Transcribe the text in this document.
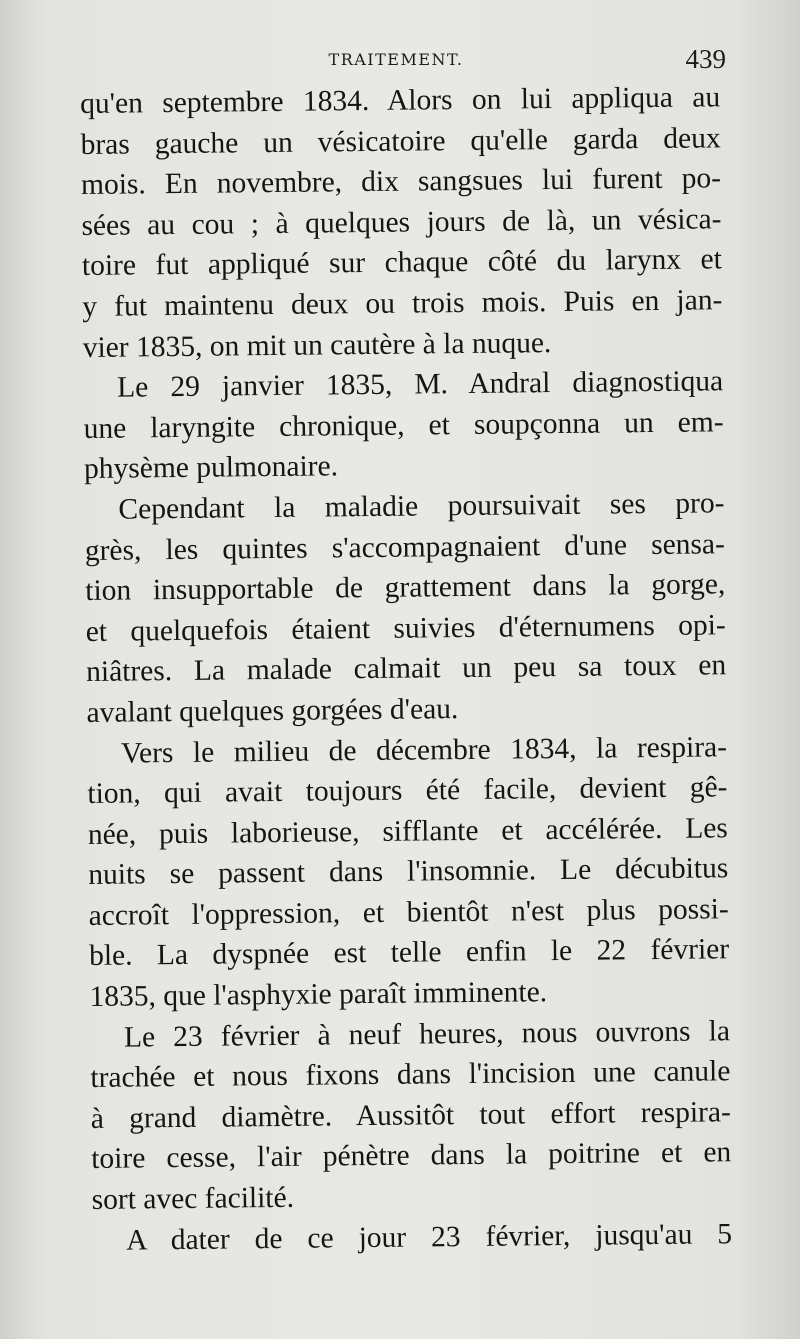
TRAITEMENT.	439
qu'en septembre 1834. Alors on lui appliqua au
bras gauche un vésicatoire qu'elle garda deux
mois. En novembre, dix sangsues lui furent po-
sées au cou ; à quelques jours de là, un vésica-
toire fut appliqué sur chaque côté du larynx et
y fut maintenu deux ou trois mois. Puis en jan-
vier 1835, on mit un cautère à la nuque.
Le 29 janvier 1835, M. Andral diagnostiqua
une laryngite chronique, et soupçonna un em-
physème pulmonaire.
Cependant la maladie poursuivait ses pro-
grès, les quintes s'accompagnaient d'une sensa-
tion insupportable de grattement dans la gorge,
et quelquefois étaient suivies d'éternumens opi-
niâtres. La malade calmait un peu sa toux en
avalant quelques gorgées d'eau.
Vers le milieu de décembre 1834, la respira-
tion, qui avait toujours été facile, devient gê-
née, puis laborieuse, sifflante et accélérée. Les
nuits se passent dans l'insomnie. Le décubitus
accroît l'oppression, et bientôt n'est plus possi-
ble. La dyspnée est telle enfin le 22 février
1835, que l'asphyxie paraît imminente.
Le 23 février à neuf heures, nous ouvrons la
trachée et nous fixons dans l'incision une canule
à grand diamètre. Aussitôt tout effort respira-
toire cesse, l'air pénètre dans la poitrine et en
sort avec facilité.
A dater de ce jour 23 février, jusqu'au 5
